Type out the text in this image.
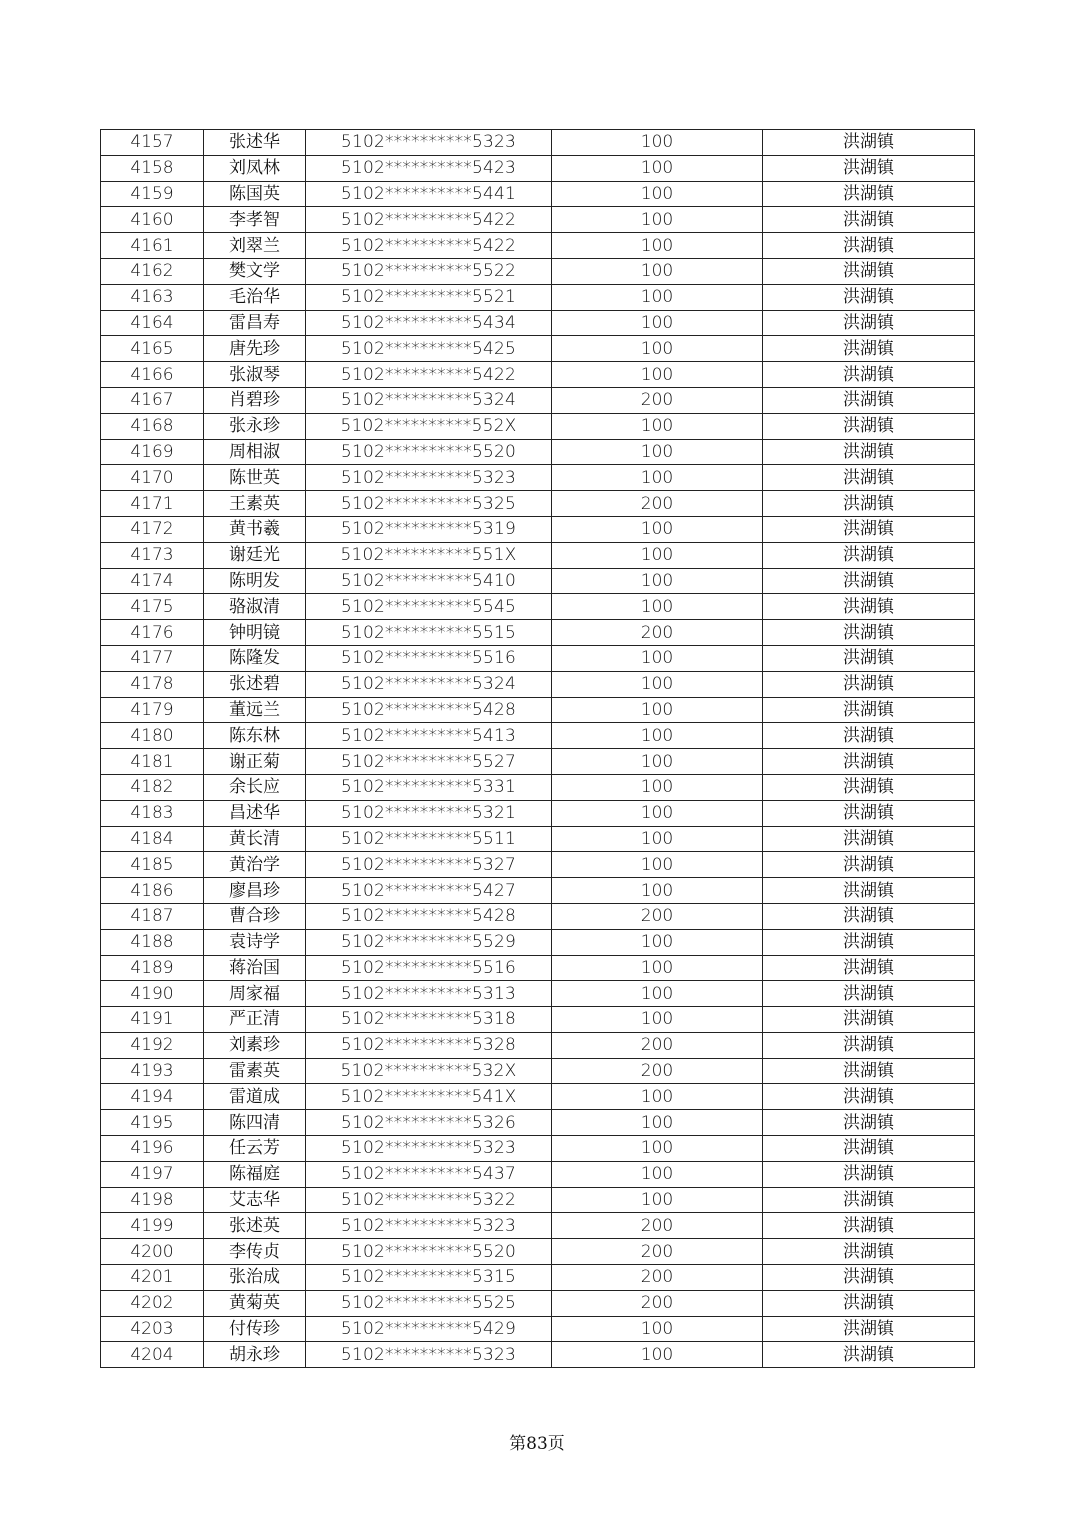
4157	张述华	5102**********5323	100	洪湖镇
4158	刘凤林	5102**********5423	100	洪湖镇
4159	陈国英	5102**********5441	100	洪湖镇
4160	李孝智	5102**********5422	100	洪湖镇
4161	刘翠兰	5102**********5422	100	洪湖镇
4162	樊文学	5102**********5522	100	洪湖镇
4163	毛治华	5102**********5521	100	洪湖镇
4164	雷昌寿	5102**********5434	100	洪湖镇
4165	唐先珍	5102**********5425	100	洪湖镇
4166	张淑琴	5102**********5422	100	洪湖镇
4167	肖碧珍	5102**********5324	200	洪湖镇
4168	张永珍	5102**********552X	100	洪湖镇
4169	周相淑	5102**********5520	100	洪湖镇
4170	陈世英	5102**********5323	100	洪湖镇
4171	王素英	5102**********5325	200	洪湖镇
4172	黄书羲	5102**********5319	100	洪湖镇
4173	谢廷光	5102**********551X	100	洪湖镇
4174	陈明发	5102**********5410	100	洪湖镇
4175	骆淑清	5102**********5545	100	洪湖镇
4176	钟明镜	5102**********5515	200	洪湖镇
4177	陈隆发	5102**********5516	100	洪湖镇
4178	张述碧	5102**********5324	100	洪湖镇
4179	董远兰	5102**********5428	100	洪湖镇
4180	陈东林	5102**********5413	100	洪湖镇
4181	谢正菊	5102**********5527	100	洪湖镇
4182	余长应	5102**********5331	100	洪湖镇
4183	昌述华	5102**********5321	100	洪湖镇
4184	黄长清	5102**********5511	100	洪湖镇
4185	黄治学	5102**********5327	100	洪湖镇
4186	廖昌珍	5102**********5427	100	洪湖镇
4187	曹合珍	5102**********5428	200	洪湖镇
4188	袁诗学	5102**********5529	100	洪湖镇
4189	蒋治国	5102**********5516	100	洪湖镇
4190	周家福	5102**********5313	100	洪湖镇
4191	严正清	5102**********5318	100	洪湖镇
4192	刘素珍	5102**********5328	200	洪湖镇
4193	雷素英	5102**********532X	200	洪湖镇
4194	雷道成	5102**********541X	100	洪湖镇
4195	陈四清	5102**********5326	100	洪湖镇
4196	任云芳	5102**********5323	100	洪湖镇
4197	陈福庭	5102**********5437	100	洪湖镇
4198	艾志华	5102**********5322	100	洪湖镇
4199	张述英	5102**********5323	200	洪湖镇
4200	李传贞	5102**********5520	200	洪湖镇
4201	张治成	5102**********5315	200	洪湖镇
4202	黄菊英	5102**********5525	200	洪湖镇
4203	付传珍	5102**********5429	100	洪湖镇
4204	胡永珍	5102**********5323	100	洪湖镇
第83页
